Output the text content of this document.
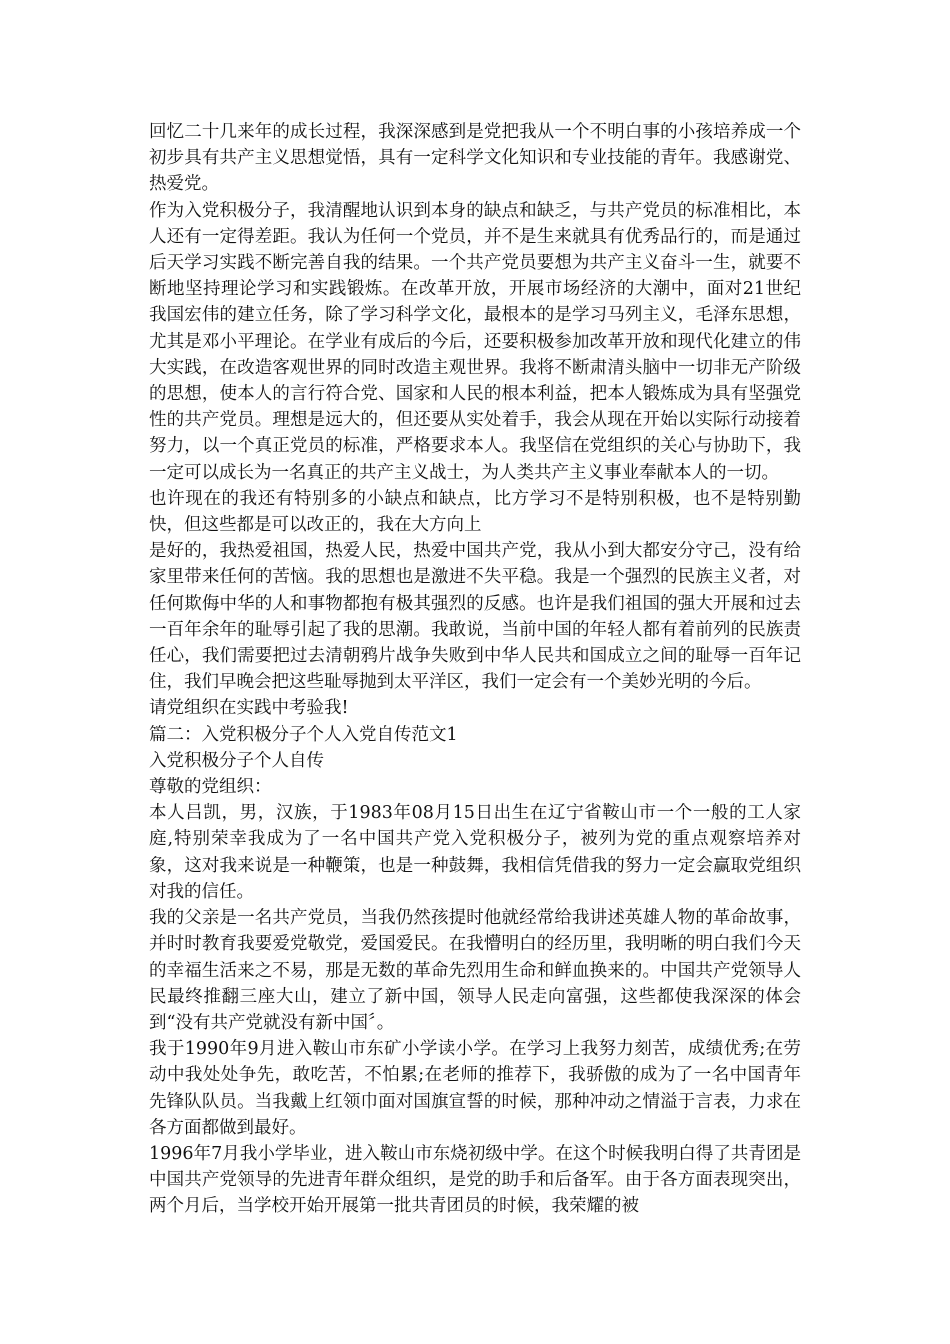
回忆二十几来年的成长过程，我深深感到是党把我从一个不明白事的小孩培养成一个初步具有共产主义思想觉悟，具有一定科学文化知识和专业技能的青年。我感谢党、热爱党。

作为入党积极分子，我清醒地认识到本身的缺点和缺乏，与共产党员的标准相比，本人还有一定得差距。我认为任何一个党员，并不是生来就具有优秀品行的，而是通过后天学习实践不断完善自我的结果。一个共产党员要想为共产主义奋斗一生，就要不断地坚持理论学习和实践锻炼。在改革开放，开展市场经济的大潮中，面对21世纪我国宏伟的建立任务，除了学习科学文化，最根本的是学习马列主义，毛泽东思想，尤其是邓小平理论。在学业有成后的今后，还要积极参加改革开放和现代化建立的伟大实践，在改造客观世界的同时改造主观世界。我将不断肃清头脑中一切非无产阶级的思想，使本人的言行符合党、国家和人民的根本利益，把本人锻炼成为具有坚强党性的共产党员。理想是远大的，但还要从实处着手，我会从现在开始以实际行动接着努力，以一个真正党员的标准，严格要求本人。我坚信在党组织的关心与协助下，我一定可以成长为一名真正的共产主义战士，为人类共产主义事业奉献本人的一切。

也许现在的我还有特别多的小缺点和缺点，比方学习不是特别积极，也不是特别勤快，但这些都是可以改正的，我在大方向上

是好的，我热爱祖国，热爱人民，热爱中国共产党，我从小到大都安分守己，没有给家里带来任何的苦恼。我的思想也是激进不失平稳。我是一个强烈的民族主义者，对任何欺侮中华的人和事物都抱有极其强烈的反感。也许是我们祖国的强大开展和过去一百年余年的耻辱引起了我的思潮。我敢说，当前中国的年轻人都有着前列的民族责任心，我们需要把过去清朝鸦片战争失败到中华人民共和国成立之间的耻辱一百年记住，我们早晚会把这些耻辱抛到太平洋区，我们一定会有一个美妙光明的今后。

请党组织在实践中考验我!

篇二：入党积极分子个人入党自传范文1

入党积极分子个人自传

尊敬的党组织：

本人吕凯，男，汉族，于1983年08月15日出生在辽宁省鞍山市一个一般的工人家庭,特别荣幸我成为了一名中国共产党入党积极分子，被列为党的重点观察培养对象，这对我来说是一种鞭策，也是一种鼓舞，我相信凭借我的努力一定会赢取党组织对我的信任。

我的父亲是一名共产党员，当我仍然孩提时他就经常给我讲述英雄人物的革命故事，并时时教育我要爱党敬党，爱国爱民。在我懵明白的经历里，我明晰的明白我们今天的幸福生活来之不易，那是无数的革命先烈用生命和鲜血换来的。中国共产党领导人民最终推翻三座大山，建立了新中国，领导人民走向富强，这些都使我深深的体会到“没有共产党就没有新中国〞。

我于1990年9月进入鞍山市东矿小学读小学。在学习上我努力刻苦，成绩优秀;在劳动中我处处争先，敢吃苦，不怕累;在老师的推荐下，我骄傲的成为了一名中国青年先锋队队员。当我戴上红领巾面对国旗宣誓的时候，那种冲动之情溢于言表，力求在各方面都做到最好。

1996年7月我小学毕业，进入鞍山市东烧初级中学。在这个时候我明白得了共青团是中国共产党领导的先进青年群众组织，是党的助手和后备军。由于各方面表现突出，两个月后，当学校开始开展第一批共青团员的时候，我荣耀的被
